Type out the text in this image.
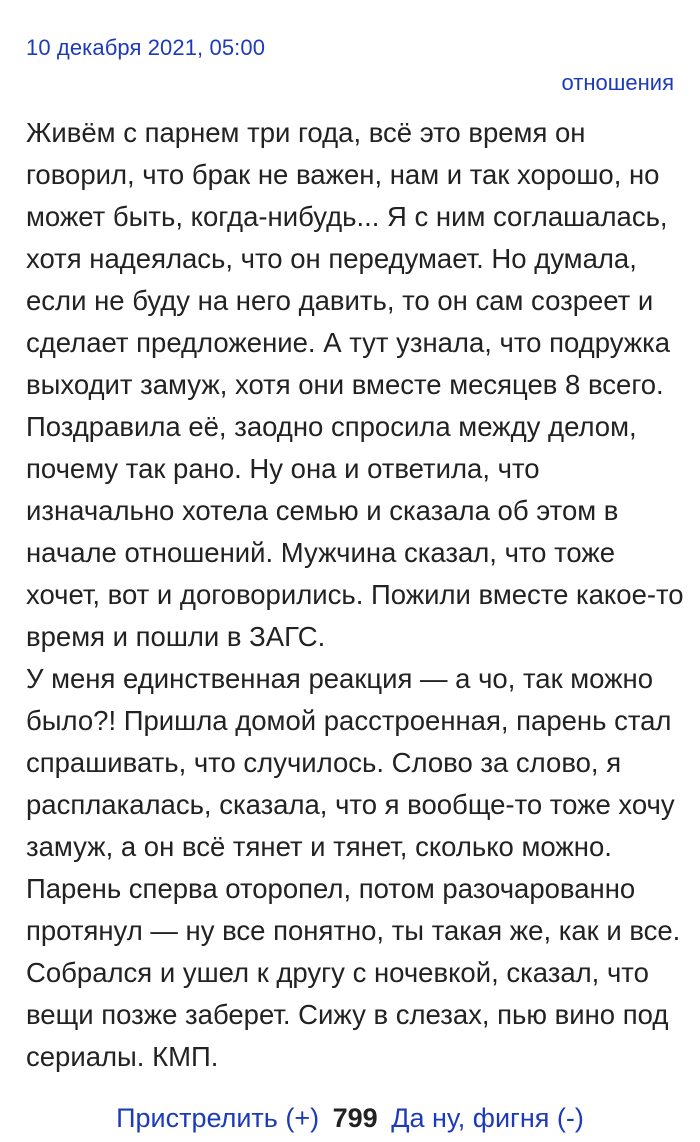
10 декабря 2021, 05:00
отношения

Живём с парнем три года, всё это время он говорил, что брак не важен, нам и так хорошо, но может быть, когда-нибудь... Я с ним соглашалась, хотя надеялась, что он передумает. Но думала, если не буду на него давить, то он сам созреет и сделает предложение. А тут узнала, что подружка выходит замуж, хотя они вместе месяцев 8 всего. Поздравила её, заодно спросила между делом, почему так рано. Ну она и ответила, что изначально хотела семью и сказала об этом в начале отношений. Мужчина сказал, что тоже хочет, вот и договорились. Пожили вместе какое-то время и пошли в ЗАГС.

У меня единственная реакция — а чо, так можно было?! Пришла домой расстроенная, парень стал спрашивать, что случилось. Слово за слово, я расплакалась, сказала, что я вообще-то тоже хочу замуж, а он всё тянет и тянет, сколько можно. Парень сперва оторопел, потом разочарованно протянул — ну все понятно, ты такая же, как и все. Собрался и ушел к другу с ночевкой, сказал, что вещи позже заберет. Сижу в слезах, пью вино под сериалы. КМП.

Пристрелить (+) 799 Да ну, фигня (-)
